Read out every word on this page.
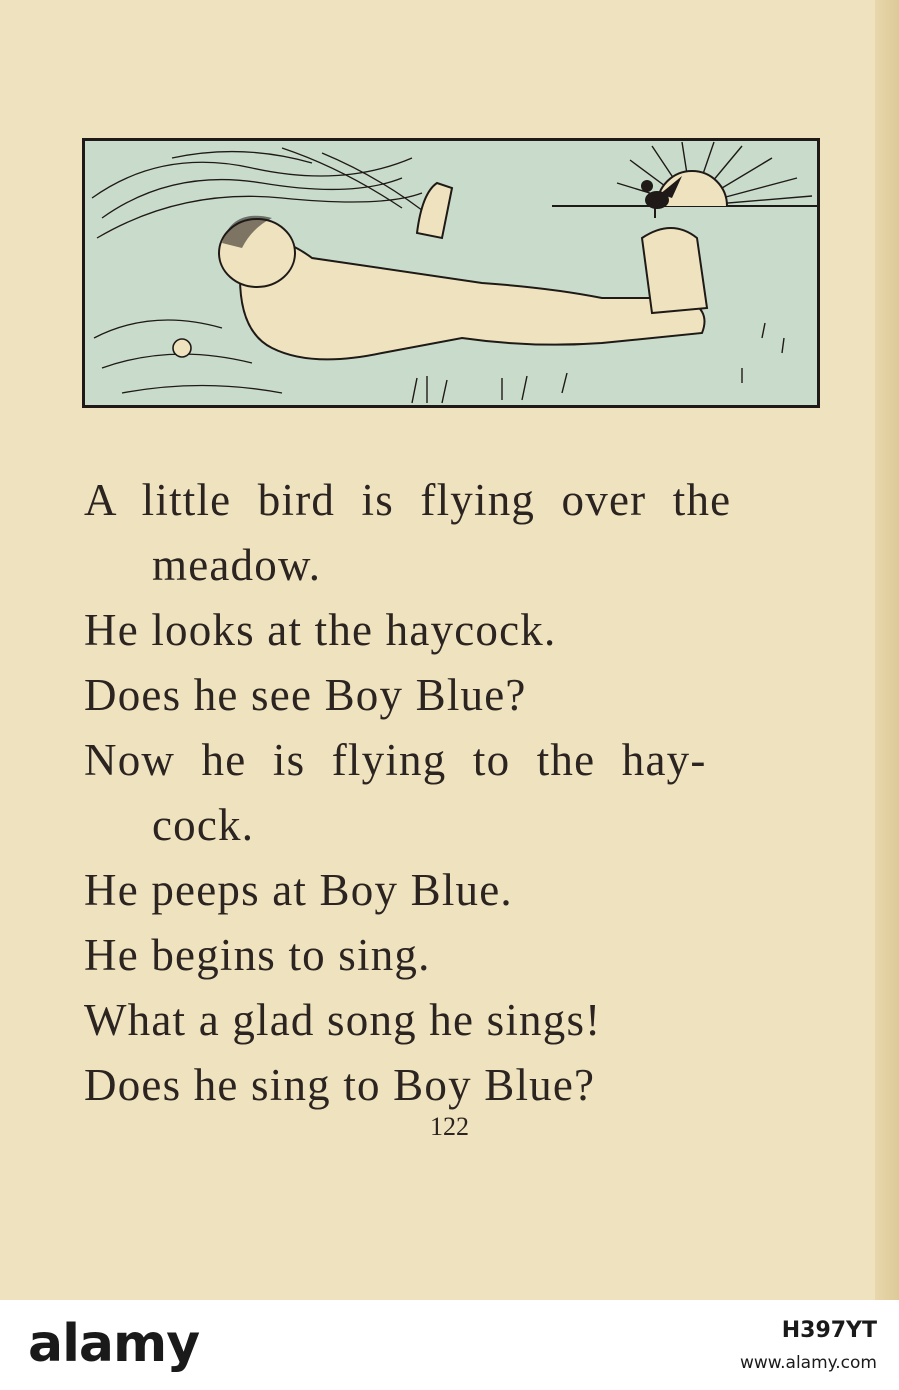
A little bird is flying over the
meadow.
He looks at the haycock.
Does he see Boy Blue?
Now he is flying to the hay-
cock.
He peeps at Boy Blue.
He begins to sing.
What a glad song he sings!
Does he sing to Boy Blue?
122
alamy	H397YT
www.alamy.com
